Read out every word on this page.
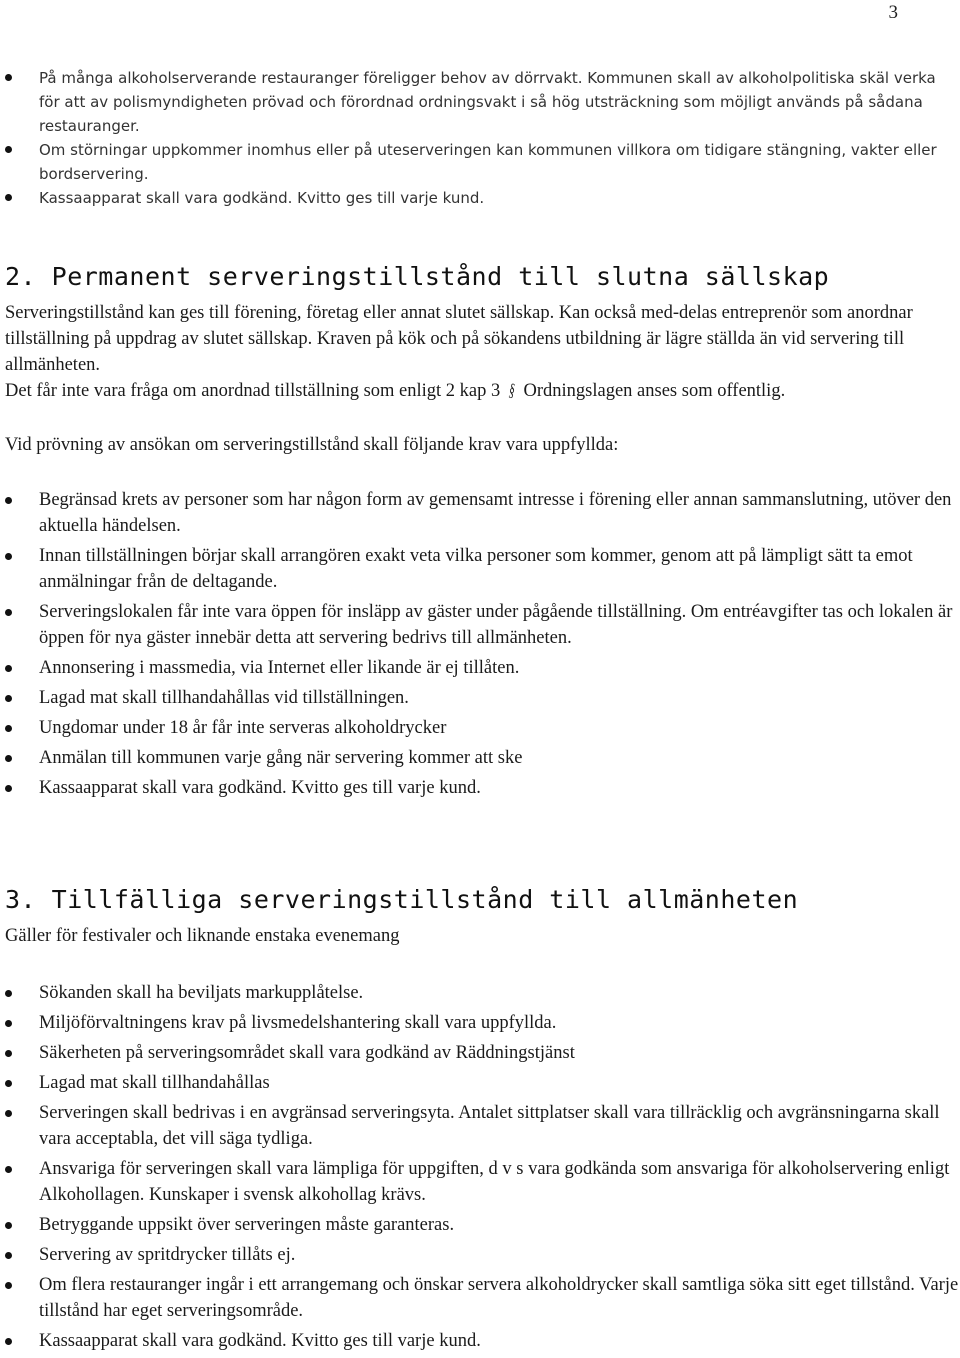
3
På många alkoholserverande restauranger föreligger behov av dörrvakt. Kommunen skall av alkoholpolitiska skäl verka för att av polismyndigheten prövad och förordnad ordningsvakt i så hög utsträckning som möjligt används på sådana restauranger.
Om störningar uppkommer inomhus eller på uteserveringen kan kommunen villkora om tidigare stängning, vakter eller bordservering.
Kassaapparat skall vara godkänd. Kvitto ges till varje kund.
2. Permanent serveringstillstånd till slutna sällskap

Serveringstillstånd kan ges till förening, företag eller annat slutet sällskap. Kan också med-delas entreprenör som anordnar tillställning på uppdrag av slutet sällskap. Kraven på kök och på sökandens utbildning är lägre ställda än vid servering till allmänheten.

Det får inte vara fråga om anordnad tillställning som enligt 2 kap 3 § Ordningslagen anses som offentlig.

Vid prövning av ansökan om serveringstillstånd skall följande krav vara uppfyllda:

Begränsad krets av personer som har någon form av gemensamt intresse i förening eller annan sammanslutning, utöver den aktuella händelsen.
Innan tillställningen börjar skall arrangören exakt veta vilka personer som kommer, genom att på lämpligt sätt ta emot anmälningar från de deltagande.
Serveringslokalen får inte vara öppen för insläpp av gäster under pågående tillställning. Om entréavgifter tas och lokalen är öppen för nya gäster innebär detta att servering bedrivs till allmänheten.
Annonsering i massmedia, via Internet eller likande är ej tillåten.
Lagad mat skall tillhandahållas vid tillställningen.
Ungdomar under 18 år får inte serveras alkoholdrycker
Anmälan till kommunen varje gång när servering kommer att ske
Kassaapparat skall vara godkänd. Kvitto ges till varje kund.
3. Tillfälliga serveringstillstånd till allmänheten

Gäller för festivaler och liknande enstaka evenemang

Sökanden skall ha beviljats markupplåtelse.
Miljöförvaltningens krav på livsmedelshantering skall vara uppfyllda.
Säkerheten på serveringsområdet skall vara godkänd av Räddningstjänst
Lagad mat skall tillhandahållas
Serveringen skall bedrivas i en avgränsad serveringsyta. Antalet sittplatser skall vara tillräcklig och avgränsningarna skall vara acceptabla, det vill säga tydliga.
Ansvariga för serveringen skall vara lämpliga för uppgiften, d v s vara godkända som ansvariga för alkoholservering enligt Alkohollagen. Kunskaper i svensk alkohollag krävs.
Betryggande uppsikt över serveringen måste garanteras.
Servering av spritdrycker tillåts ej.
Om flera restauranger ingår i ett arrangemang och önskar servera alkoholdrycker skall samtliga söka sitt eget tillstånd. Varje tillstånd har eget serveringsområde.
Kassaapparat skall vara godkänd. Kvitto ges till varje kund.
